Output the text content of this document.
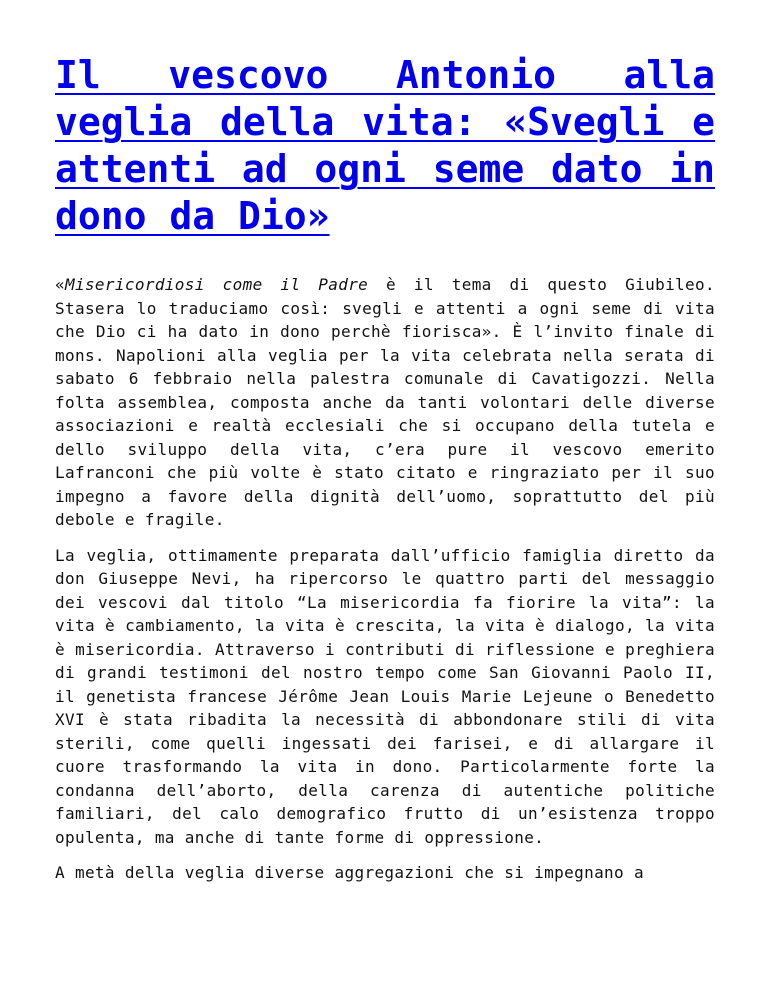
Il vescovo Antonio alla veglia della vita: «Svegli e attenti ad ogni seme dato in dono da Dio»

«Misericordiosi come il Padre è il tema di questo Giubileo. Stasera lo traduciamo così: svegli e attenti a ogni seme di vita che Dio ci ha dato in dono perchè fiorisca». È l’invito finale di mons. Napolioni alla veglia per la vita celebrata nella serata di sabato 6 febbraio nella palestra comunale di Cavatigozzi. Nella folta assemblea, composta anche da tanti volontari delle diverse associazioni e realtà ecclesiali che si occupano della tutela e dello sviluppo della vita, c’era pure il vescovo emerito Lafranconi che più volte è stato citato e ringraziato per il suo impegno a favore della dignità dell’uomo, soprattutto del più debole e fragile.

La veglia, ottimamente preparata dall’ufficio famiglia diretto da don Giuseppe Nevi, ha ripercorso le quattro parti del messaggio dei vescovi dal titolo “La misericordia fa fiorire la vita”: la vita è cambiamento, la vita è crescita, la vita è dialogo, la vita è misericordia. Attraverso i contributi di riflessione e preghiera di grandi testimoni del nostro tempo come San Giovanni Paolo II, il genetista francese Jérôme Jean Louis Marie Lejeune o Benedetto XVI è stata ribadita la necessità di abbondonare stili di vita sterili, come quelli ingessati dei farisei, e di allargare il cuore trasformando la vita in dono. Particolarmente forte la condanna dell’aborto, della carenza di autentiche politiche familiari, del calo demografico frutto di un’esistenza troppo opulenta, ma anche di tante forme di oppressione.

A metà della veglia diverse aggregazioni che si impegnano a
